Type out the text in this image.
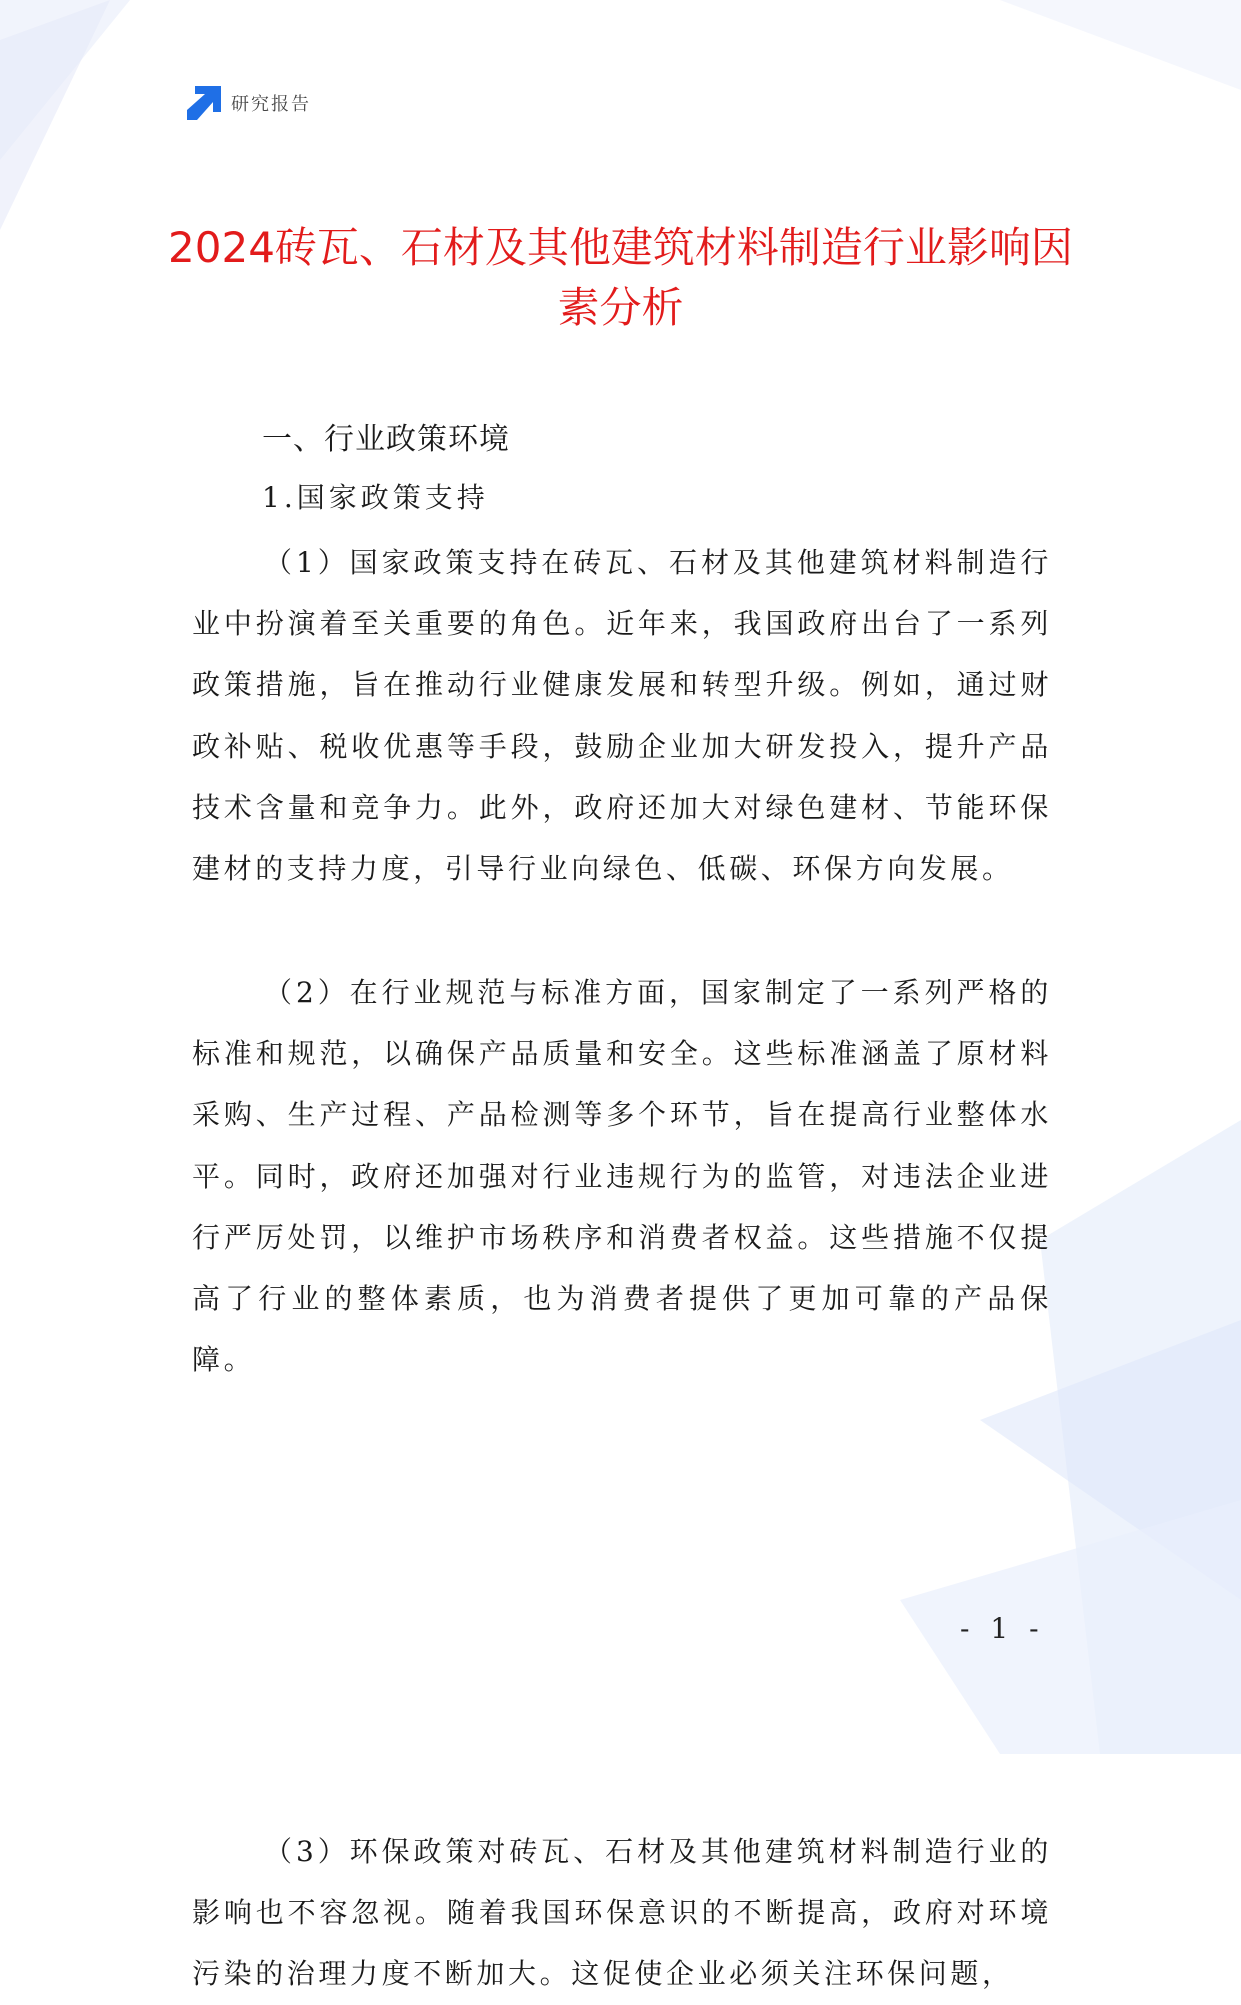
研究报告
2024砖瓦、石材及其他建筑材料制造行业影响因素分析
一、行业政策环境
1.国家政策支持

（1）国家政策支持在砖瓦、石材及其他建筑材料制造行业中扮演着至关重要的角色。近年来，我国政府出台了一系列政策措施，旨在推动行业健康发展和转型升级。例如，通过财政补贴、税收优惠等手段，鼓励企业加大研发投入，提升产品技术含量和竞争力。此外，政府还加大对绿色建材、节能环保建材的支持力度，引导行业向绿色、低碳、环保方向发展。

（2）在行业规范与标准方面，国家制定了一系列严格的标准和规范，以确保产品质量和安全。这些标准涵盖了原材料采购、生产过程、产品检测等多个环节，旨在提高行业整体水平。同时，政府还加强对行业违规行为的监管，对违法企业进行严厉处罚，以维护市场秩序和消费者权益。这些措施不仅提高了行业的整体素质，也为消费者提供了更加可靠的产品保障。

（3）环保政策对砖瓦、石材及其他建筑材料制造行业的影响也不容忽视。随着我国环保意识的不断提高，政府对环境污染的治理力度不断加大。这促使企业必须关注环保问题，

- 1 -
